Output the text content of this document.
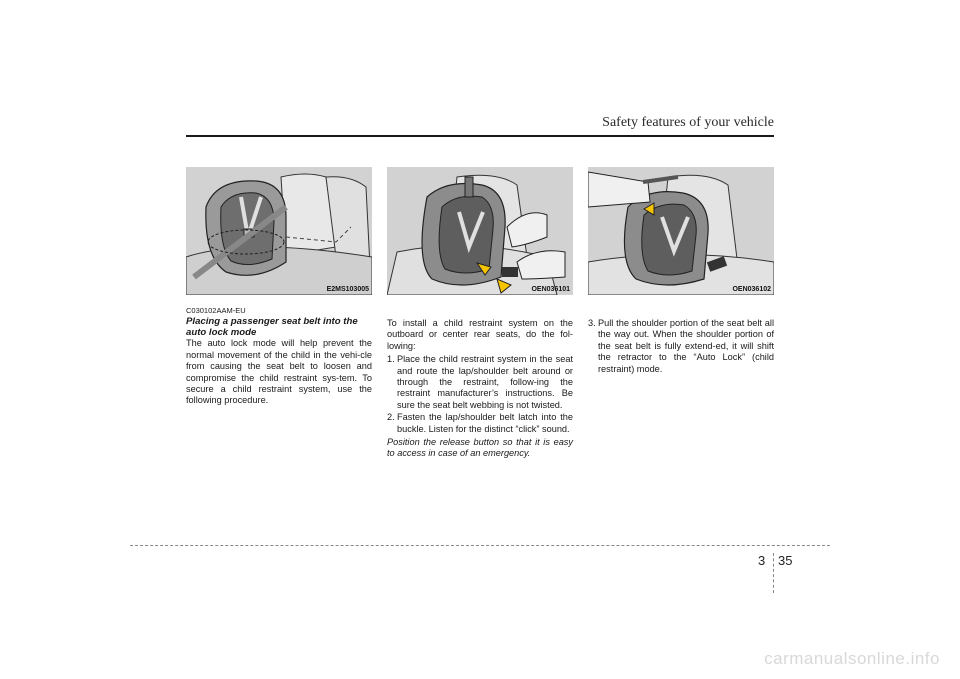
Safety features of your vehicle
E2MS103005	OEN036101	OEN036102

C030102AAM-EU

Placing a passenger seat belt into the auto lock mode

The auto lock mode will help prevent the normal movement of the child in the vehi-cle from causing the seat belt to loosen and compromise the child restraint sys-tem. To secure a child restraint system, use the following procedure.

To install a child restraint system on the outboard or center rear seats, do the fol-lowing:

1. Place the child restraint system in the seat and route the lap/shoulder belt around or through the restraint, follow-ing the restraint manufacturer’s instructions. Be sure the seat belt webbing is not twisted.
2. Fasten the lap/shoulder belt latch into the buckle. Listen for the distinct “click” sound.

Position the release button so that it is easy to access in case of an emergency.

3. Pull the shoulder portion of the seat belt all the way out. When the shoulder portion of the seat belt is fully extend-ed, it will shift the retractor to the “Auto Lock” (child restraint) mode.
3 35
carmanualsonline.info
